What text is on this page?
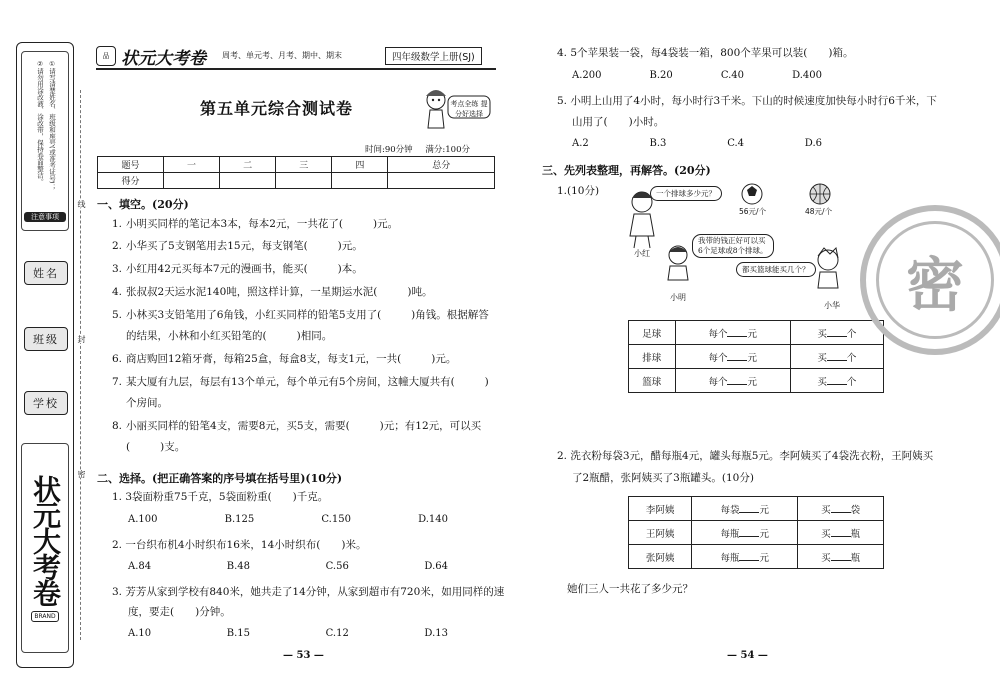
①请写清楚姓名、班级和座号(或准考证号)；
②请勿用涂改液、涂改带，保持卷面整洁。
注意事项
姓名
班级
学校
状元大考卷
BRAND
线
封
密
品 状元大考卷 周考、单元考、月考、期中、期末	四年级数学上册(SJ)
第五单元综合测试卷	考点全练 提分好选择
时间:90分钟 满分:100分
题号	一	二	三	四	总分
得分					
一、填空。(20分)
1. 小明买同样的笔记本3本，每本2元，一共花了(	)元。
2. 小华买了5支钢笔用去15元，每支钢笔(	)元。
3. 小红用42元买每本7元的漫画书，能买(	)本。
4. 张叔叔2天运水泥140吨，照这样计算，一星期运水泥(	)吨。
5. 小林买3支铅笔用了6角钱，小红买同样的铅笔5支用了(	)角钱。根据解答
的结果，小林和小红买铅笔的(	)相同。
6. 商店购回12箱牙膏，每箱25盒，每盒8支，每支1元，一共(	)元。
7. 某大厦有九层，每层有13个单元，每个单元有5个房间，这幢大厦共有(	)
个房间。
8. 小丽买同样的铅笔4支，需要8元，买5支，需要(	)元；有12元，可以买
(	)支。
二、选择。(把正确答案的序号填在括号里)(10分)
1. 3袋面粉重75千克，5袋面粉重(　　)千克。
A.100	B.125	C.150	D.140
2. 一台织布机4小时织布16米，14小时织布(　　)米。
A.84	B.48	C.56	D.64
3. 芳芳从家到学校有840米，她共走了14分钟，从家到超市有720米，如用同样的速
度，要走(　　)分钟。
A.10	B.15	C.12	D.13
— 53 —
4. 5个苹果装一袋，每4袋装一箱，800个苹果可以装(　　)箱。
A.200	B.20	C.40	D.400
5. 小明上山用了4小时，每小时行3千米。下山的时候速度加快每小时行6千米，下
山用了(　　)小时。
A.2	B.3	C.4	D.6
三、先列表整理，再解答。(20分)
1.(10分)	一个排球多少元？
我带的钱正好可以买
6个足球或8个排球。
都买篮球能买几个？
56元/个	48元/个
小红
小明
小华
足球	每个 元	买 个
排球	每个 元	买 个
篮球	每个 元	买 个
2. 洗衣粉每袋3元，醋每瓶4元，罐头每瓶5元。李阿姨买了4袋洗衣粉，王阿姨买
了2瓶醋，张阿姨买了3瓶罐头。(10分)
李阿姨	每袋 元	买 袋
王阿姨	每瓶 元	买 瓶
张阿姨	每瓶 元	买 瓶
她们三人一共花了多少元？
密
— 54 —
